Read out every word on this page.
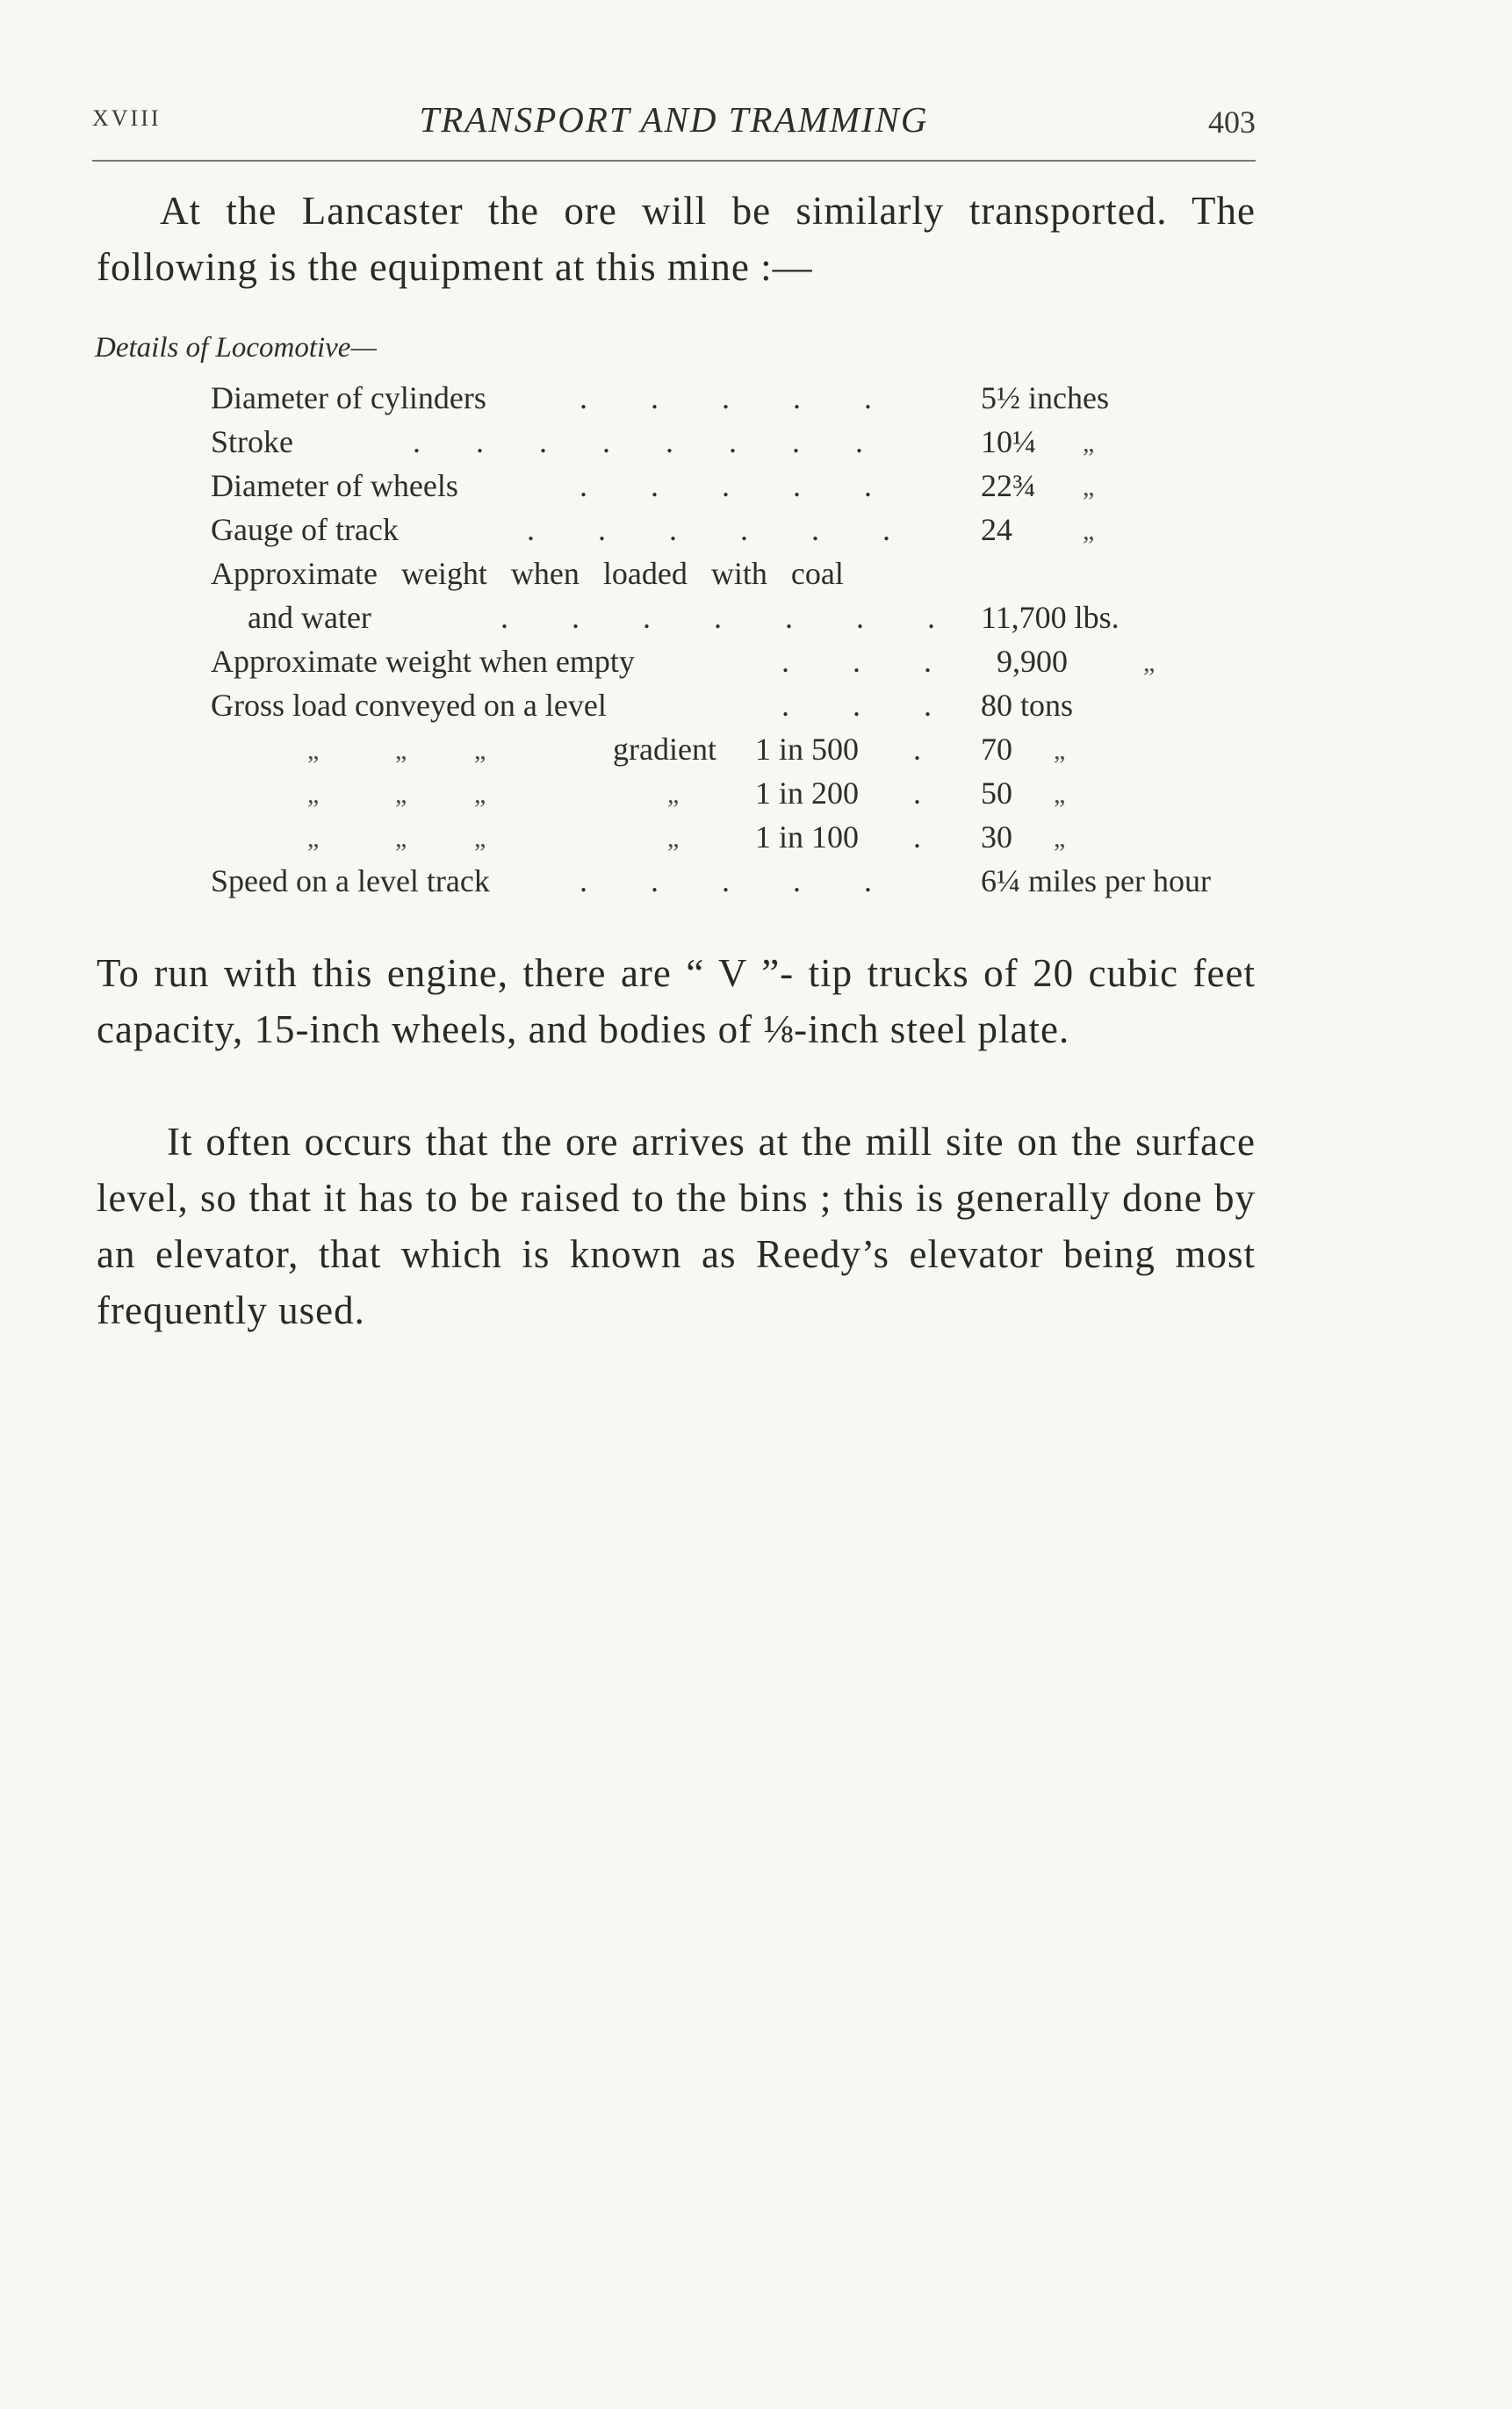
XVIII	TRANSPORT AND TRAMMING	403

At the Lancaster the ore will be similarly transported. The following is the equipment at this mine :—

Details of Locomotive—
Diameter of cylinders	.        .        .        .        .	5½ inches
Stroke	.       .       .       .       .       .       .       .	10¼ „
Diameter of wheels	.        .        .        .        .	22¾ „
Gauge of track	.        .        .        .        .        .	24	„
Approximate weight when loaded with coal
and water	.        .        .        .        .        .        . 11,700 lbs.
Approximate weight when empty	.        .        . 9,900	„
Gross load conveyed on a level	.        .        . 80 tons
„	„	„	gradient 1 in 500 . 70 „
„	„	„	„ 1 in 200 . 50 „
„	„	„	„ 1 in 100 . 30 „
Speed on a level track	.        .        .        .        .	6¼ miles per hour

To run with this engine, there are “ V ”- tip trucks of 20 cubic feet capacity, 15-inch wheels, and bodies of ⅛-inch steel plate.

It often occurs that the ore arrives at the mill site on the surface level, so that it has to be raised to the bins ; this is generally done by an elevator, that which is known as Reedy’s elevator being most frequently used.
